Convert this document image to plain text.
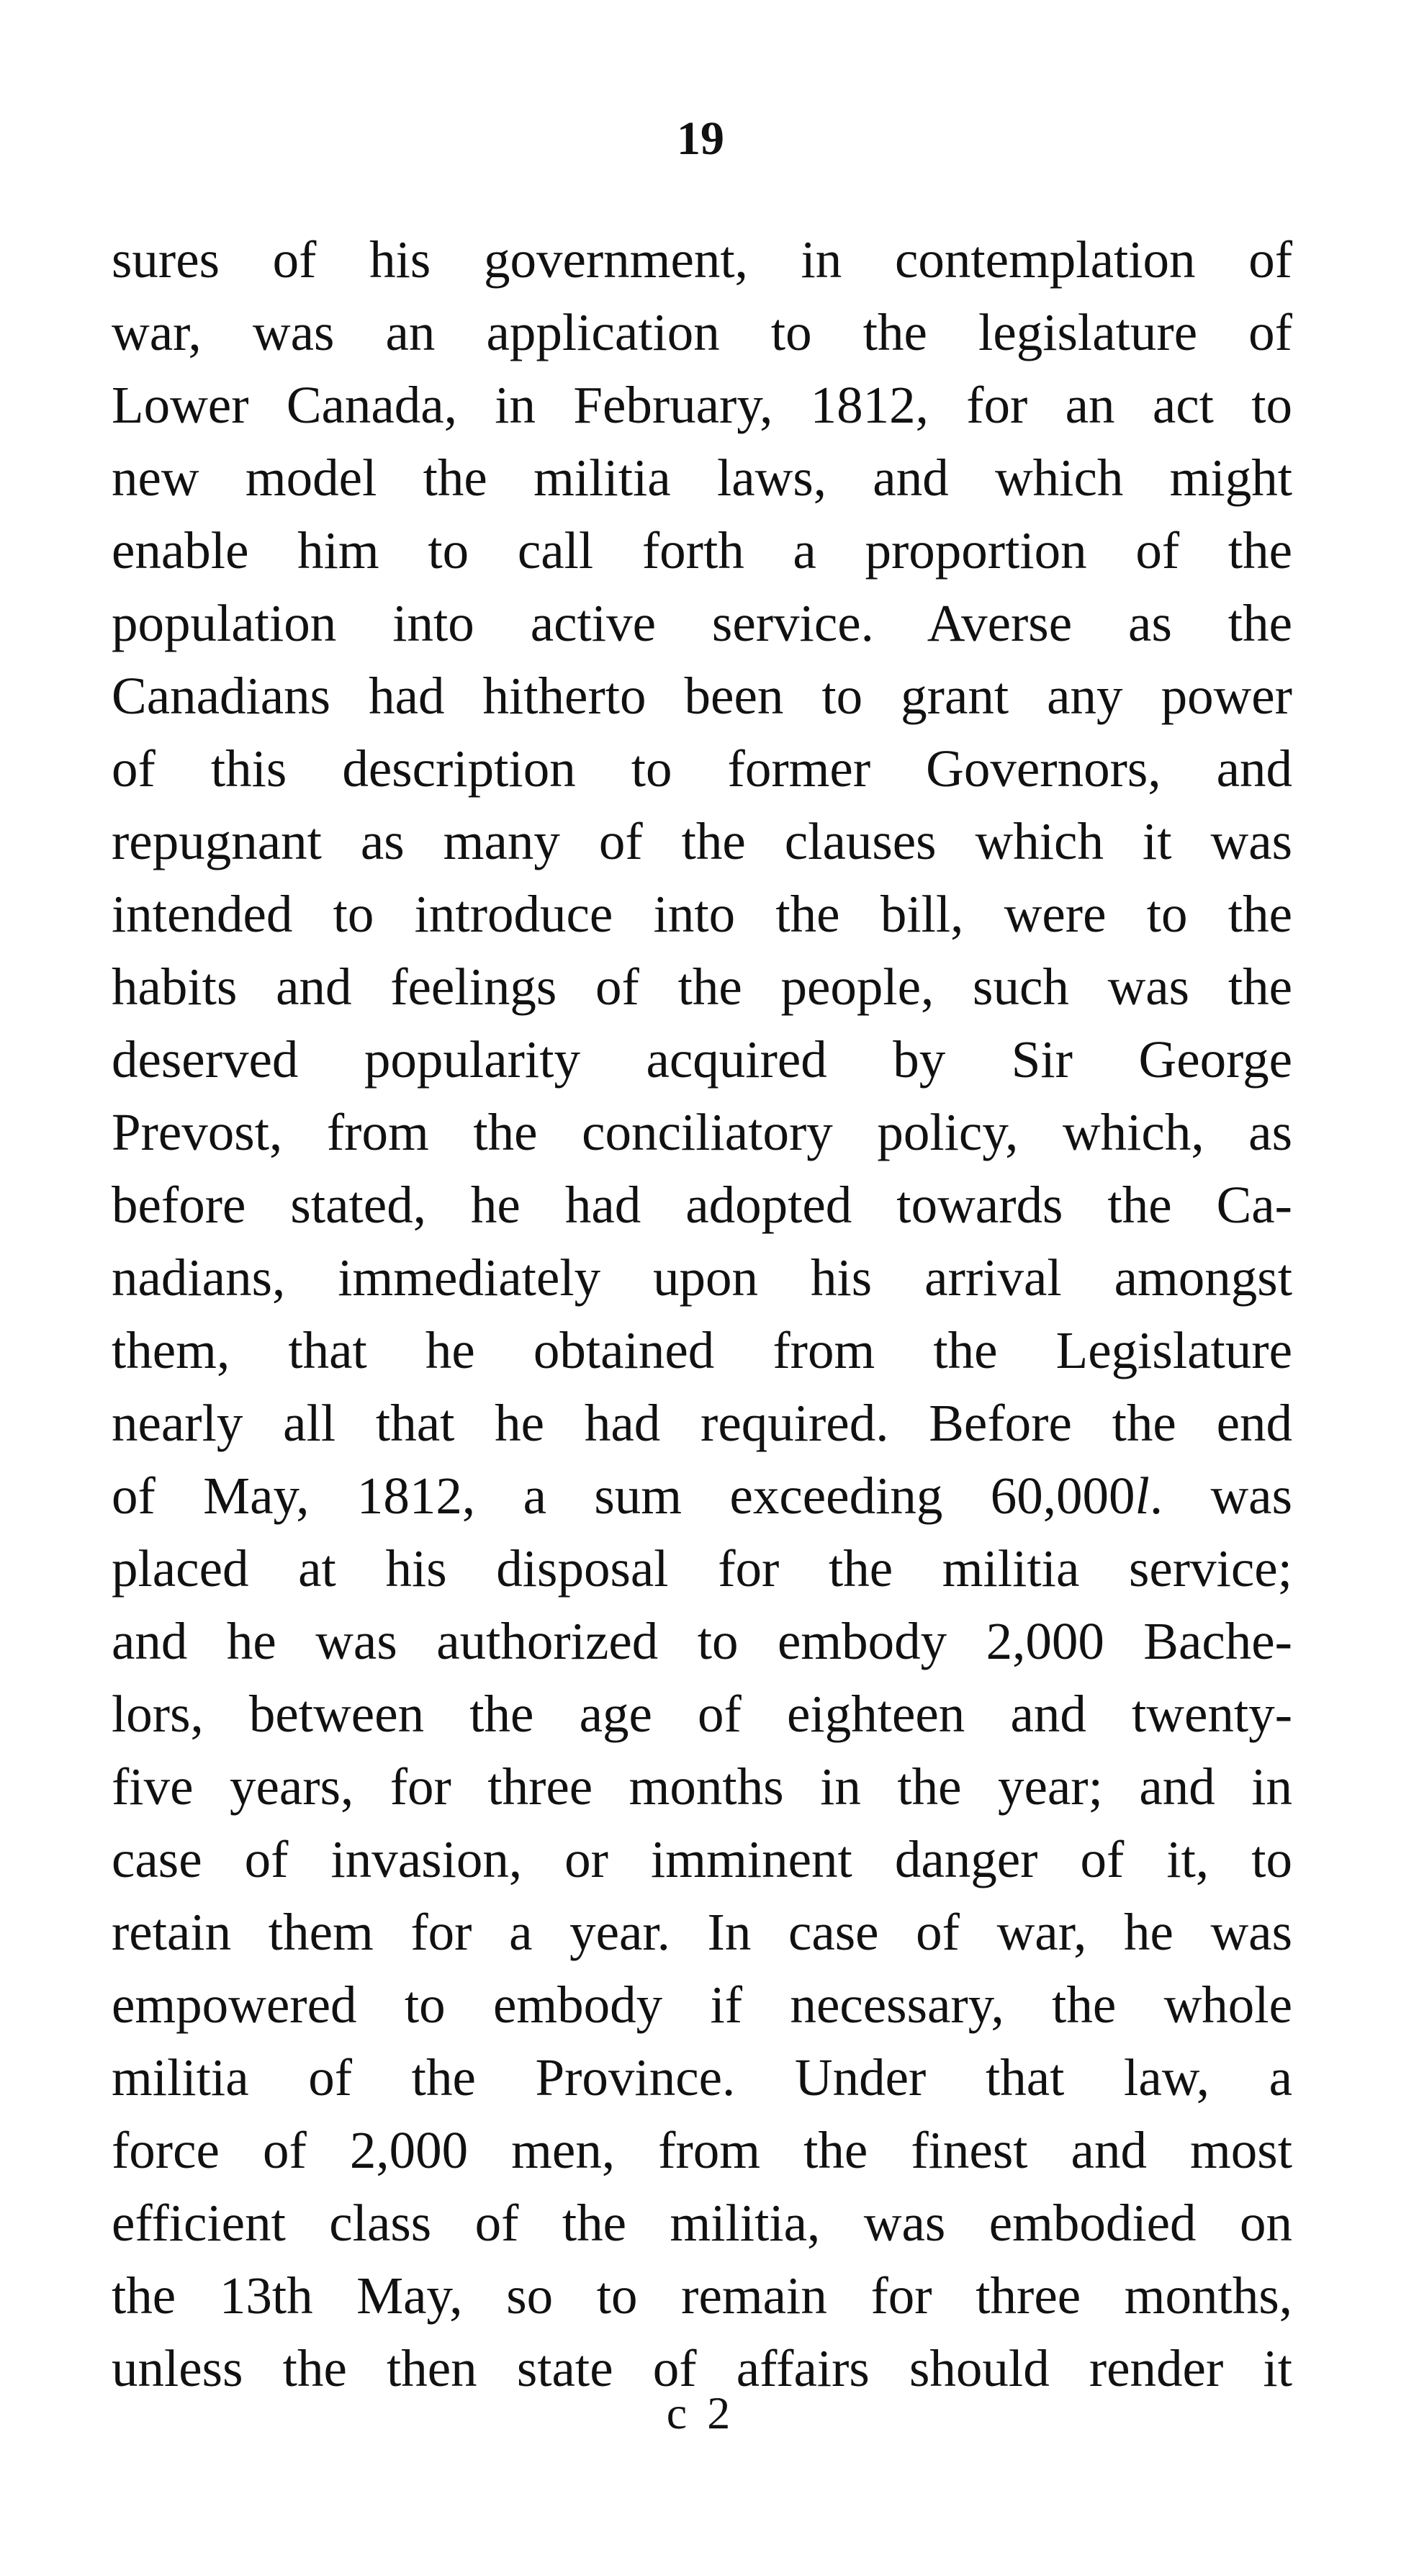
19
sures of his government, in contemplation of
war, was an application to the legislature of
Lower Canada, in February, 1812, for an act to
new model the militia laws, and which might
enable him to call forth a proportion of the
population into active service. Averse as the
Canadians had hitherto been to grant any power
of this description to former Governors, and
repugnant as many of the clauses which it was
intended to introduce into the bill, were to the
habits and feelings of the people, such was the
deserved popularity acquired by Sir George
Prevost, from the conciliatory policy, which, as
before stated, he had adopted towards the Ca-
nadians, immediately upon his arrival amongst
them, that he obtained from the Legislature
nearly all that he had required. Before the end
of May, 1812, a sum exceeding 60,000l. was
placed at his disposal for the militia service;
and he was authorized to embody 2,000 Bache-
lors, between the age of eighteen and twenty-
five years, for three months in the year; and in
case of invasion, or imminent danger of it, to
retain them for a year. In case of war, he was
empowered to embody if necessary, the whole
militia of the Province. Under that law, a
force of 2,000 men, from the finest and most
efficient class of the militia, was embodied on
the 13th May, so to remain for three months,
unless the then state of affairs should render it
c 2
